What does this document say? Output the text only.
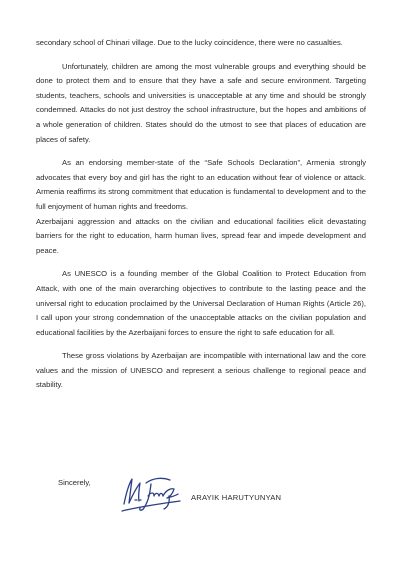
secondary school of Chinari village. Due to the lucky coincidence, there were no casualties.

Unfortunately, children are among the most vulnerable groups and everything should be done to protect them and to ensure that they have a safe and secure environment. Targeting students, teachers, schools and universities is unacceptable at any time and should be strongly condemned. Attacks do not just destroy the school infrastructure, but the hopes and ambitions of a whole generation of children. States should do the utmost to see that places of education are places of safety.

As an endorsing member-state of the “Safe Schools Declaration”, Armenia strongly advocates that every boy and girl has the right to an education without fear of violence or attack. Armenia reaffirms its strong commitment that education is fundamental to development and to the full enjoyment of human rights and freedoms.

Azerbaijani aggression and attacks on the civilian and educational facilities elicit devastating barriers for the right to education, harm human lives, spread fear and impede development and peace.

As UNESCO is a founding member of the Global Coalition to Protect Education from Attack, with one of the main overarching objectives to contribute to the lasting peace and the universal right to education proclaimed by the Universal Declaration of Human Rights (Article 26), I call upon your strong condemnation of the unacceptable attacks on the civilian population and educational facilities by the Azerbaijani forces to ensure the right to safe education for all.

These gross violations by Azerbaijan are incompatible with international law and the core values and the mission of UNESCO and represent a serious challenge to regional peace and stability.

Sincerely,
ARAYIK HARUTYUNYAN
